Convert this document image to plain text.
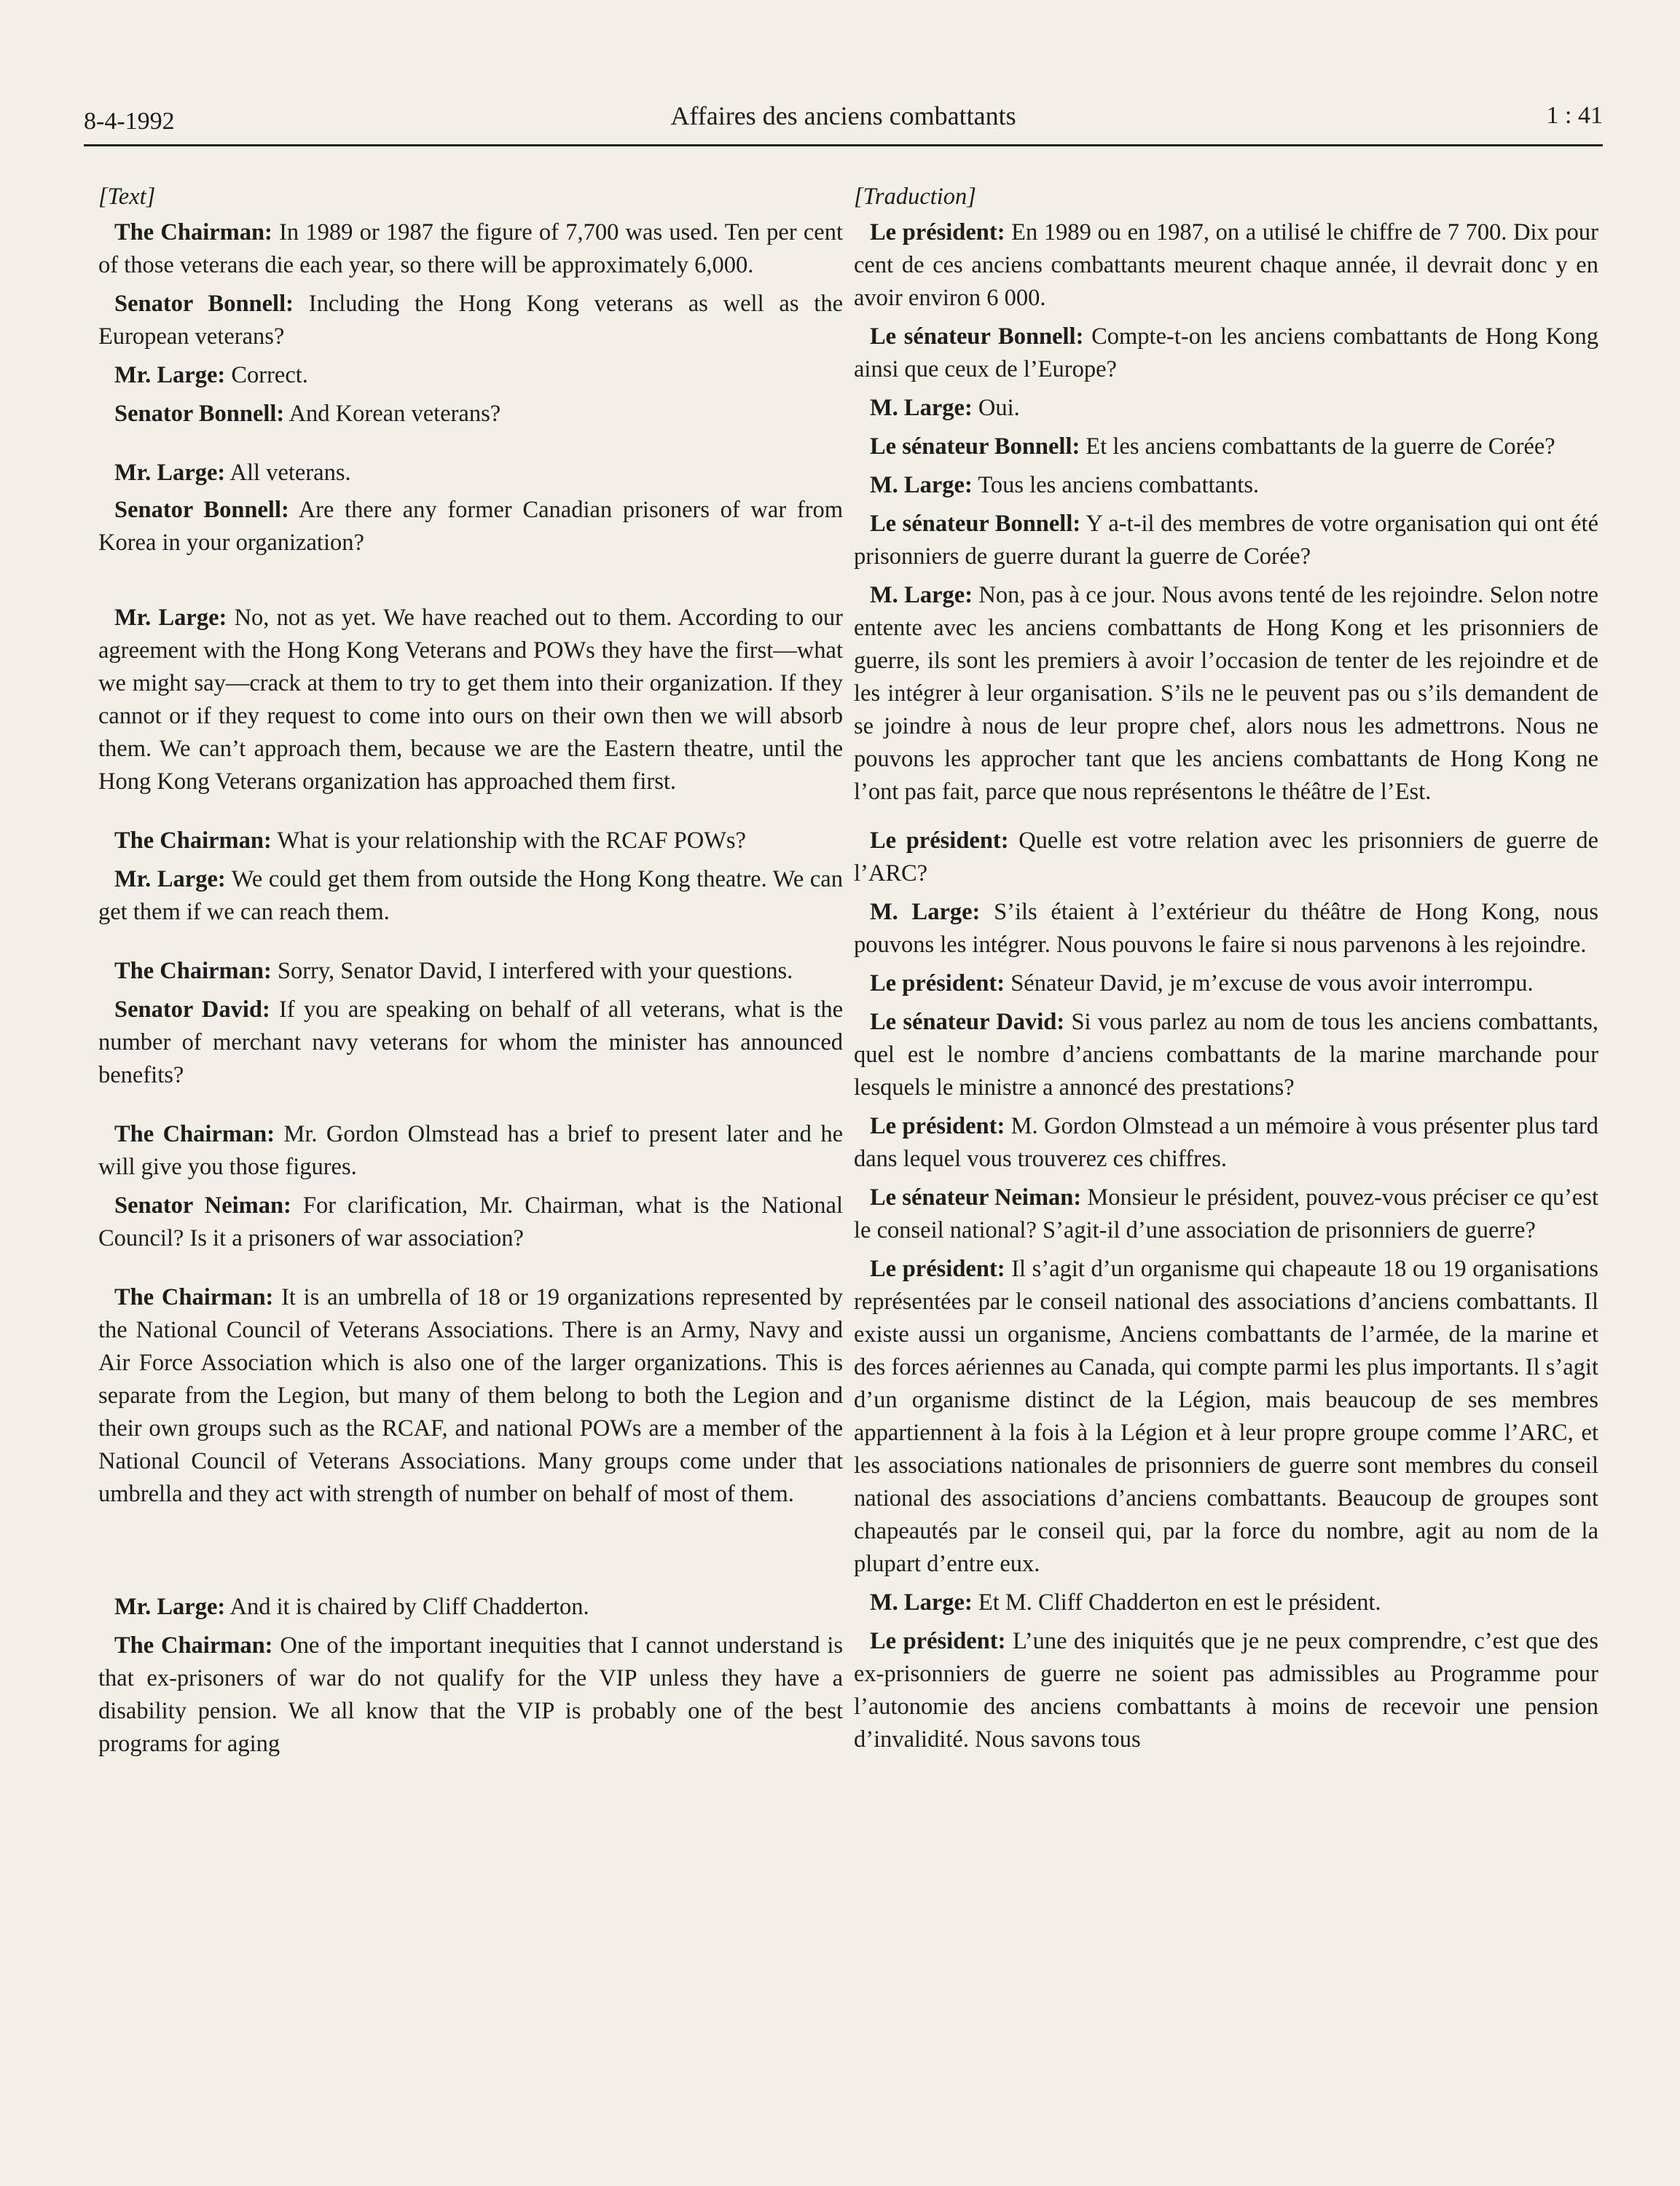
8-4-1992	Affaires des anciens combattants	1 : 41
[Text]

The Chairman: In 1989 or 1987 the figure of 7,700 was used. Ten per cent of those veterans die each year, so there will be approximately 6,000.

Senator Bonnell: Including the Hong Kong veterans as well as the European veterans?

Mr. Large: Correct.

Senator Bonnell: And Korean veterans?

Mr. Large: All veterans.

Senator Bonnell: Are there any former Canadian prisoners of war from Korea in your organization?

Mr. Large: No, not as yet. We have reached out to them. According to our agreement with the Hong Kong Veterans and POWs they have the first—what we might say—crack at them to try to get them into their organization. If they cannot or if they request to come into ours on their own then we will absorb them. We can’t approach them, because we are the Eastern theatre, until the Hong Kong Veterans organization has approached them first.

The Chairman: What is your relationship with the RCAF POWs?

Mr. Large: We could get them from outside the Hong Kong theatre. We can get them if we can reach them.

The Chairman: Sorry, Senator David, I interfered with your questions.

Senator David: If you are speaking on behalf of all veterans, what is the number of merchant navy veterans for whom the minister has announced benefits?

The Chairman: Mr. Gordon Olmstead has a brief to present later and he will give you those figures.

Senator Neiman: For clarification, Mr. Chairman, what is the National Council? Is it a prisoners of war association?

The Chairman: It is an umbrella of 18 or 19 organizations represented by the National Council of Veterans Associations. There is an Army, Navy and Air Force Association which is also one of the larger organizations. This is separate from the Legion, but many of them belong to both the Legion and their own groups such as the RCAF, and national POWs are a member of the National Council of Veterans Associations. Many groups come under that umbrella and they act with strength of number on behalf of most of them.

Mr. Large: And it is chaired by Cliff Chadderton.

The Chairman: One of the important inequities that I cannot understand is that ex-prisoners of war do not qualify for the VIP unless they have a disability pension. We all know that the VIP is probably one of the best programs for aging

[Traduction]

Le président: En 1989 ou en 1987, on a utilisé le chiffre de 7 700. Dix pour cent de ces anciens combattants meurent chaque année, il devrait donc y en avoir environ 6 000.

Le sénateur Bonnell: Compte-t-on les anciens combattants de Hong Kong ainsi que ceux de l’Europe?

M. Large: Oui.

Le sénateur Bonnell: Et les anciens combattants de la guerre de Corée?

M. Large: Tous les anciens combattants.

Le sénateur Bonnell: Y a-t-il des membres de votre organisation qui ont été prisonniers de guerre durant la guerre de Corée?

M. Large: Non, pas à ce jour. Nous avons tenté de les rejoindre. Selon notre entente avec les anciens combattants de Hong Kong et les prisonniers de guerre, ils sont les premiers à avoir l’occasion de tenter de les rejoindre et de les intégrer à leur organisation. S’ils ne le peuvent pas ou s’ils demandent de se joindre à nous de leur propre chef, alors nous les admettrons. Nous ne pouvons les approcher tant que les anciens combattants de Hong Kong ne l’ont pas fait, parce que nous représentons le théâtre de l’Est.

Le président: Quelle est votre relation avec les prisonniers de guerre de l’ARC?

M. Large: S’ils étaient à l’extérieur du théâtre de Hong Kong, nous pouvons les intégrer. Nous pouvons le faire si nous parvenons à les rejoindre.

Le président: Sénateur David, je m’excuse de vous avoir interrompu.

Le sénateur David: Si vous parlez au nom de tous les anciens combattants, quel est le nombre d’anciens combattants de la marine marchande pour lesquels le ministre a annoncé des prestations?

Le président: M. Gordon Olmstead a un mémoire à vous présenter plus tard dans lequel vous trouverez ces chiffres.

Le sénateur Neiman: Monsieur le président, pouvez-vous préciser ce qu’est le conseil national? S’agit-il d’une association de prisonniers de guerre?

Le président: Il s’agit d’un organisme qui chapeaute 18 ou 19 organisations représentées par le conseil national des associations d’anciens combattants. Il existe aussi un organisme, Anciens combattants de l’armée, de la marine et des forces aériennes au Canada, qui compte parmi les plus importants. Il s’agit d’un organisme distinct de la Légion, mais beaucoup de ses membres appartiennent à la fois à la Légion et à leur propre groupe comme l’ARC, et les associations nationales de prisonniers de guerre sont membres du conseil national des associations d’anciens combattants. Beaucoup de groupes sont chapeautés par le conseil qui, par la force du nombre, agit au nom de la plupart d’entre eux.

M. Large: Et M. Cliff Chadderton en est le président.

Le président: L’une des iniquités que je ne peux comprendre, c’est que des ex-prisonniers de guerre ne soient pas admissibles au Programme pour l’autonomie des anciens combattants à moins de recevoir une pension d’invalidité. Nous savons tous
